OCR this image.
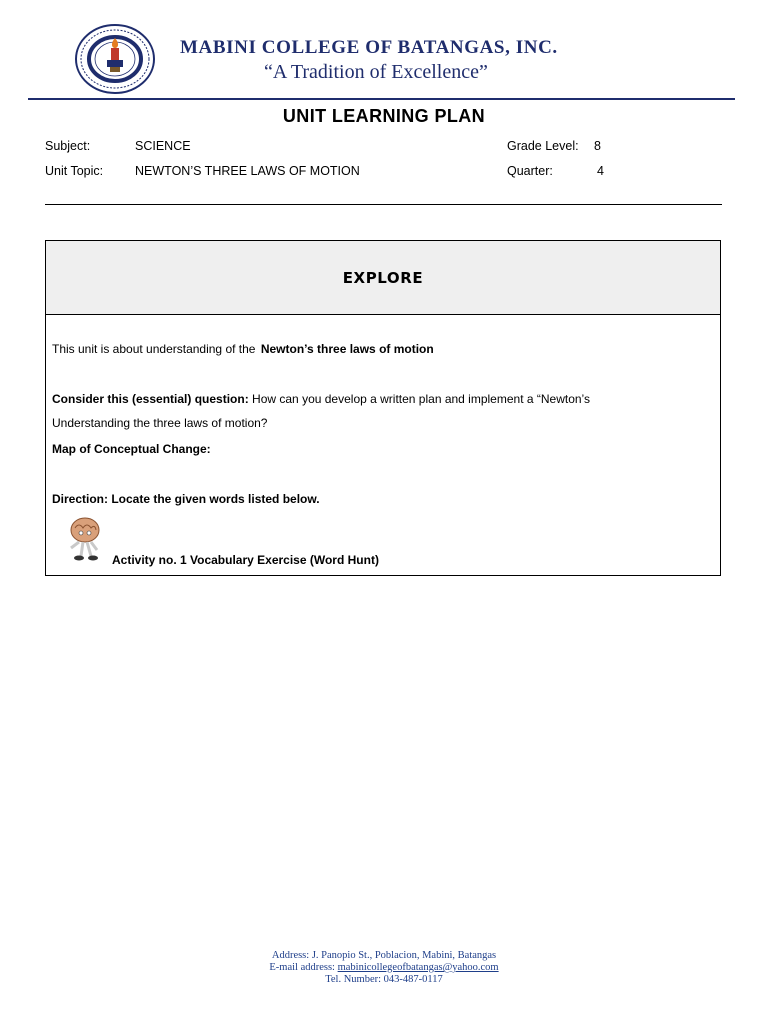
MABINI COLLEGE OF BATANGAS, INC.
“A Tradition of Excellence”
UNIT LEARNING PLAN
Subject:	SCIENCE	Grade Level: 8
Unit Topic:	NEWTON’S THREE LAWS OF MOTION	Quarter:	4
EXPLORE
This unit is about understanding of the Newton’s three laws of motion
Consider this (essential) question: How can you develop a written plan and implement a “Newton’s
Understanding the three laws of motion?
Map of Conceptual Change:
Direction: Locate the given words listed below.
Activity no. 1 Vocabulary Exercise (Word Hunt)
Address: J. Panopio St., Poblacion, Mabini, Batangas
E-mail address: mabinicollegeofbatangas@yahoo.com
Tel. Number: 043-487-0117
